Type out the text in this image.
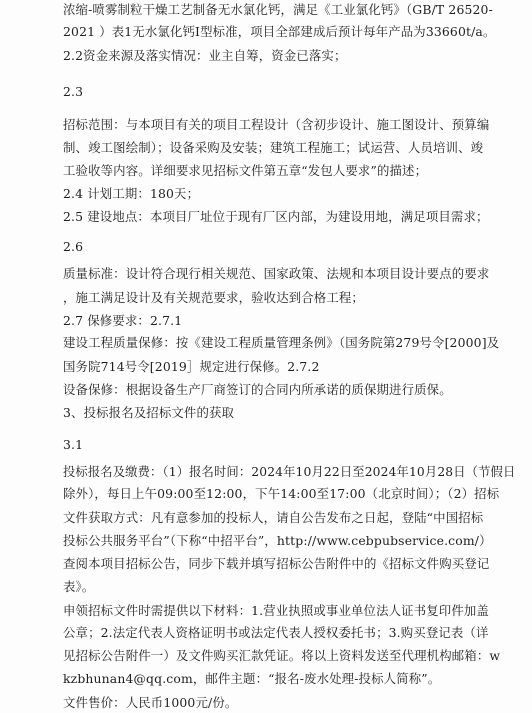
浓缩-喷雾制粒干燥工艺制备无水氯化钙，满足《工业氯化钙》（GB/T 26520-
2021 ）表1无水氯化钙Ⅰ型标准，项目全部建成后预计每年产品为33660t/a。
2.2资金来源及落实情况：业主自筹，资金已落实；
2.3
招标范围：与本项目有关的项目工程设计（含初步设计、施工图设计、预算编
制、竣工图绘制）；设备采购及安装；建筑工程施工；试运营、人员培训、竣
工验收等内容。详细要求见招标文件第五章“发包人要求”的描述；
2.4 计划工期：180天；
2.5 建设地点：本项目厂址位于现有厂区内部，为建设用地，满足项目需求；
2.6
质量标准：设计符合现行相关规范、国家政策、法规和本项目设计要点的要求
，施工满足设计及有关规范要求，验收达到合格工程；
2.7 保修要求：2.7.1
建设工程质量保修：按《建设工程质量管理条例》（国务院第279号令[2000]及
国务院714号令[2019］规定进行保修。2.7.2
设备保修：根据设备生产厂商签订的合同内所承诺的质保期进行质保。
3、投标报名及招标文件的获取
3.1
投标报名及缴费：（1）报名时间：2024年10月22日至2024年10月28日（节假日
除外），每日上午09:00至12:00，下午14:00至17:00（北京时间）；（2）招标
文件获取方式：凡有意参加的投标人，请自公告发布之日起，登陆“中国招标
投标公共服务平台”（下称“中招平台”，http://www.cebpubservice.com/）
查阅本项目招标公告，同步下载并填写招标公告附件中的《招标文件购买登记
表》。
申领招标文件时需提供以下材料：1.营业执照或事业单位法人证书复印件加盖
公章；2.法定代表人资格证明书或法定代表人授权委托书；3.购买登记表（详
见招标公告附件一）及文件购买汇款凭证。将以上资料发送至代理机构邮箱：w
kzbhunan4@qq.com，邮件主题：“报名-废水处理-投标人简称”。
文件售价：人民币1000元/份。
